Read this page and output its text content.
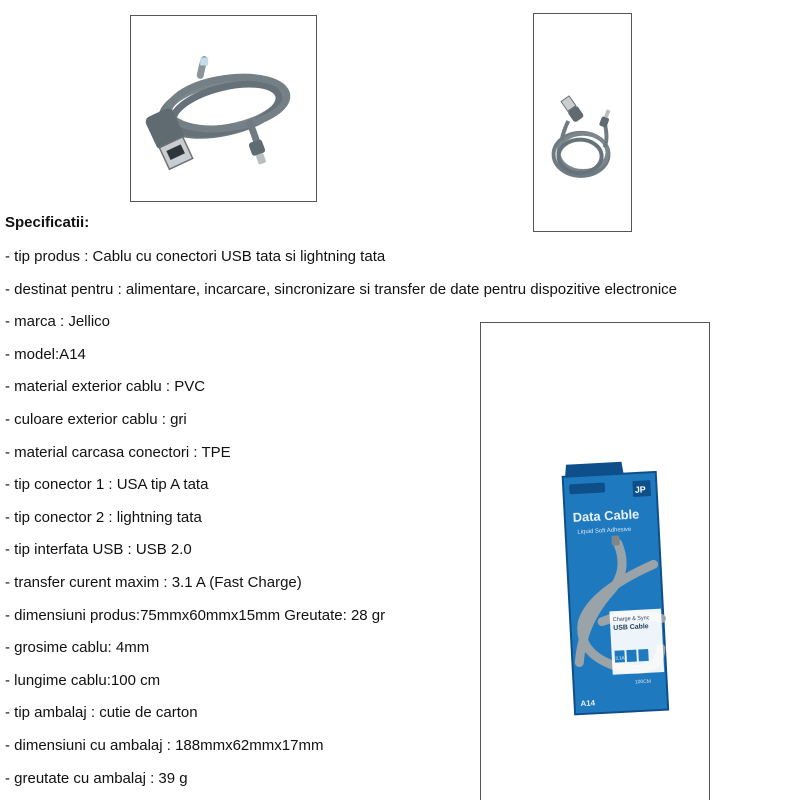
Specificatii:
- tip produs : Cablu cu conectori USB tata si lightning tata
- destinat pentru : alimentare, incarcare, sincronizare si transfer de date pentru dispozitive electronice
- marca : Jellico
- model:A14
- material exterior cablu : PVC
- culoare exterior cablu : gri
- material carcasa conectori : TPE
- tip conector 1 : USA tip A tata
- tip conector 2 : lightning tata
- tip interfata USB : USB 2.0
- transfer curent maxim : 3.1 A (Fast Charge)
- dimensiuni produs:75mmx60mmx15mm Greutate: 28 gr
- grosime cablu: 4mm
- lungime cablu:100 cm
- tip ambalaj : cutie de carton
- dimensiuni cu ambalaj : 188mmx62mmx17mm
- greutate cu ambalaj : 39 g
JP
Data Cable
Liquid Soft Adhesive
Charge & Sync
USB Cable
3.1A
100CM
A14
